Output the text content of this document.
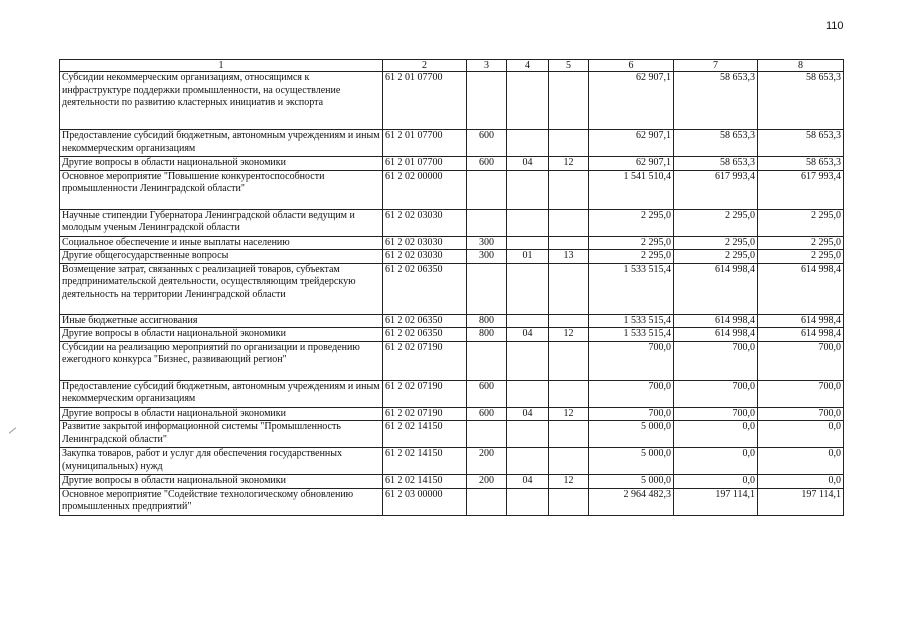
110
1	2	3	4	5	6	7	8
Субсидии некоммерческим организациям, относящимся к инфраструктуре поддержки промышленности, на осуществление деятельности по развитию кластерных инициатив и экспорта	61 2 01 07700				62 907,1	58 653,3	58 653,3
Предоставление субсидий бюджетным, автономным учреждениям и иным некоммерческим организациям	61 2 01 07700	600			62 907,1	58 653,3	58 653,3
Другие вопросы в области национальной экономики	61 2 01 07700	600	04	12	62 907,1	58 653,3	58 653,3
Основное мероприятие "Повышение конкурентоспособности промышленности Ленинградской области"	61 2 02 00000				1 541 510,4	617 993,4	617 993,4
Научные стипендии Губернатора Ленинградской области ведущим и молодым ученым Ленинградской области	61 2 02 03030				2 295,0	2 295,0	2 295,0
Социальное обеспечение и иные выплаты населению	61 2 02 03030	300			2 295,0	2 295,0	2 295,0
Другие общегосударственные вопросы	61 2 02 03030	300	01	13	2 295,0	2 295,0	2 295,0
Возмещение затрат, связанных с реализацией товаров, субъектам предпринимательской деятельности, осуществляющим трейдерскую деятельность на территории Ленинградской области	61 2 02 06350				1 533 515,4	614 998,4	614 998,4
Иные бюджетные ассигнования	61 2 02 06350	800			1 533 515,4	614 998,4	614 998,4
Другие вопросы в области национальной экономики	61 2 02 06350	800	04	12	1 533 515,4	614 998,4	614 998,4
Субсидии на реализацию мероприятий по организации и проведению ежегодного конкурса "Бизнес, развивающий регион"	61 2 02 07190				700,0	700,0	700,0
Предоставление субсидий бюджетным, автономным учреждениям и иным некоммерческим организациям	61 2 02 07190	600			700,0	700,0	700,0
Другие вопросы в области национальной экономики	61 2 02 07190	600	04	12	700,0	700,0	700,0
Развитие закрытой информационной системы "Промышленность Ленинградской области"	61 2 02 14150				5 000,0	0,0	0,0
Закупка товаров, работ и услуг для обеспечения государственных (муниципальных) нужд	61 2 02 14150	200			5 000,0	0,0	0,0
Другие вопросы в области национальной экономики	61 2 02 14150	200	04	12	5 000,0	0,0	0,0
Основное мероприятие "Содействие технологическому обновлению промышленных предприятий"	61 2 03 00000				2 964 482,3	197 114,1	197 114,1
